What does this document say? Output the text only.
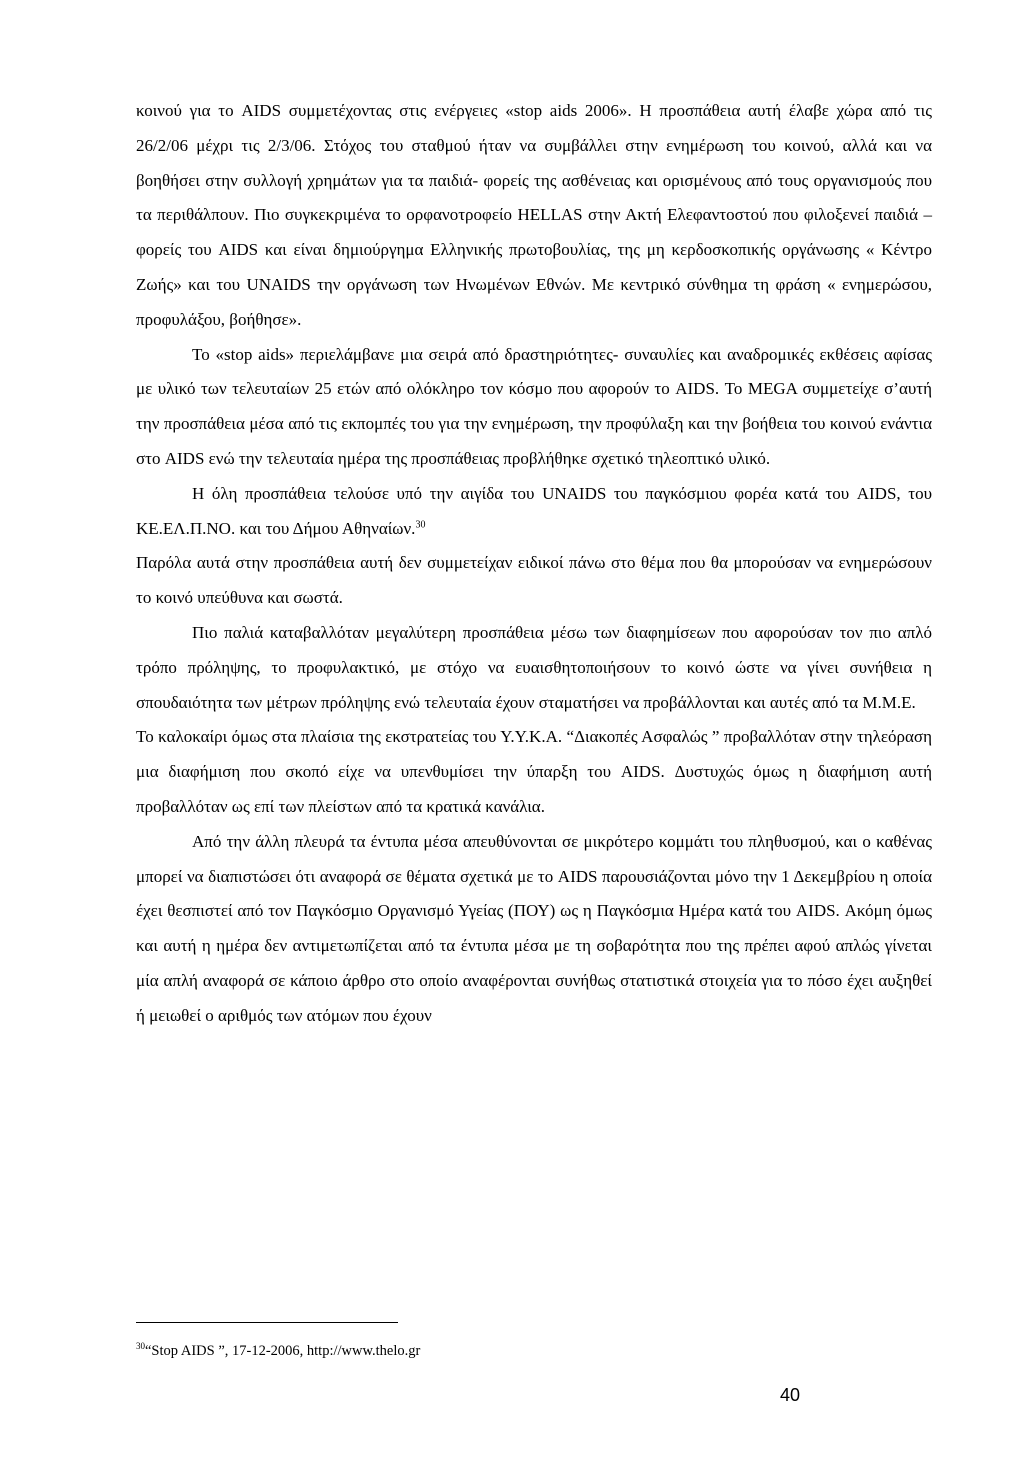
κοινού για το AIDS συμμετέχοντας στις ενέργειες «stop aids 2006». Η προσπάθεια αυτή έλαβε χώρα από τις 26/2/06 μέχρι τις 2/3/06. Στόχος του σταθμού ήταν να συμβάλλει στην ενημέρωση του κοινού, αλλά και να βοηθήσει στην συλλογή χρημάτων για τα παιδιά- φορείς της ασθένειας και ορισμένους από τους οργανισμούς που τα περιθάλπουν. Πιο συγκεκριμένα το ορφανοτροφείο HELLAS στην Ακτή Ελεφαντοστού που φιλοξενεί παιδιά – φορείς του AIDS και είναι δημιούργημα Ελληνικής πρωτοβουλίας, της μη κερδοσκοπικής οργάνωσης « Κέντρο Ζωής» και του UNAIDS την οργάνωση των Ηνωμένων Εθνών. Με κεντρικό σύνθημα τη φράση « ενημερώσου, προφυλάξου, βοήθησε».

Το «stop aids» περιελάμβανε μια σειρά από δραστηριότητες- συναυλίες και αναδρομικές εκθέσεις αφίσας με υλικό των τελευταίων 25 ετών από ολόκληρο τον κόσμο που αφορούν το AIDS. Το MEGA συμμετείχε σ’αυτή την προσπάθεια μέσα από τις εκπομπές του για την ενημέρωση, την προφύλαξη και την βοήθεια του κοινού ενάντια στο AIDS ενώ την τελευταία ημέρα της προσπάθειας προβλήθηκε σχετικό τηλεοπτικό υλικό.

Η όλη προσπάθεια τελούσε υπό την αιγίδα του UNAIDS του παγκόσμιου φορέα κατά του AIDS, του ΚΕ.ΕΛ.Π.ΝΟ. και του Δήμου Αθηναίων.$^{30}$

Παρόλα αυτά στην προσπάθεια αυτή δεν συμμετείχαν ειδικοί πάνω στο θέμα που θα μπορούσαν να ενημερώσουν το κοινό υπεύθυνα και σωστά.

Πιο παλιά καταβαλλόταν μεγαλύτερη προσπάθεια μέσω των διαφημίσεων που αφορούσαν τον πιο απλό τρόπο πρόληψης, το προφυλακτικό, με στόχο να ευαισθητοποιήσουν το κοινό ώστε να γίνει συνήθεια η σπουδαιότητα των μέτρων πρόληψης ενώ τελευταία έχουν σταματήσει να προβάλλονται και αυτές από τα Μ.Μ.Ε.

Το καλοκαίρι όμως στα πλαίσια της εκστρατείας του Υ.Υ.Κ.Α. “Διακοπές Ασφαλώς ” προβαλλόταν στην τηλεόραση μια διαφήμιση που σκοπό είχε να υπενθυμίσει την ύπαρξη του AIDS. Δυστυχώς όμως η διαφήμιση αυτή προβαλλόταν ως επί των πλείστων από τα κρατικά κανάλια.

Από την άλλη πλευρά τα έντυπα μέσα απευθύνονται σε μικρότερο κομμάτι του πληθυσμού, και ο καθένας μπορεί να διαπιστώσει ότι αναφορά σε θέματα σχετικά με το AIDS παρουσιάζονται μόνο την 1 Δεκεμβρίου η οποία έχει θεσπιστεί από τον Παγκόσμιο Οργανισμό Υγείας (ΠΟΥ) ως η Παγκόσμια Ημέρα κατά του AIDS. Ακόμη όμως και αυτή η ημέρα δεν αντιμετωπίζεται από τα έντυπα μέσα με τη σοβαρότητα που της πρέπει αφού απλώς γίνεται μία απλή αναφορά σε κάποιο άρθρο στο οποίο αναφέρονται συνήθως στατιστικά στοιχεία για το πόσο έχει αυξηθεί ή μειωθεί ο αριθμός των ατόμων που έχουν

$^{30}$“Stop AIDS ”, 17-12-2006, http://www.thelo.gr
40
